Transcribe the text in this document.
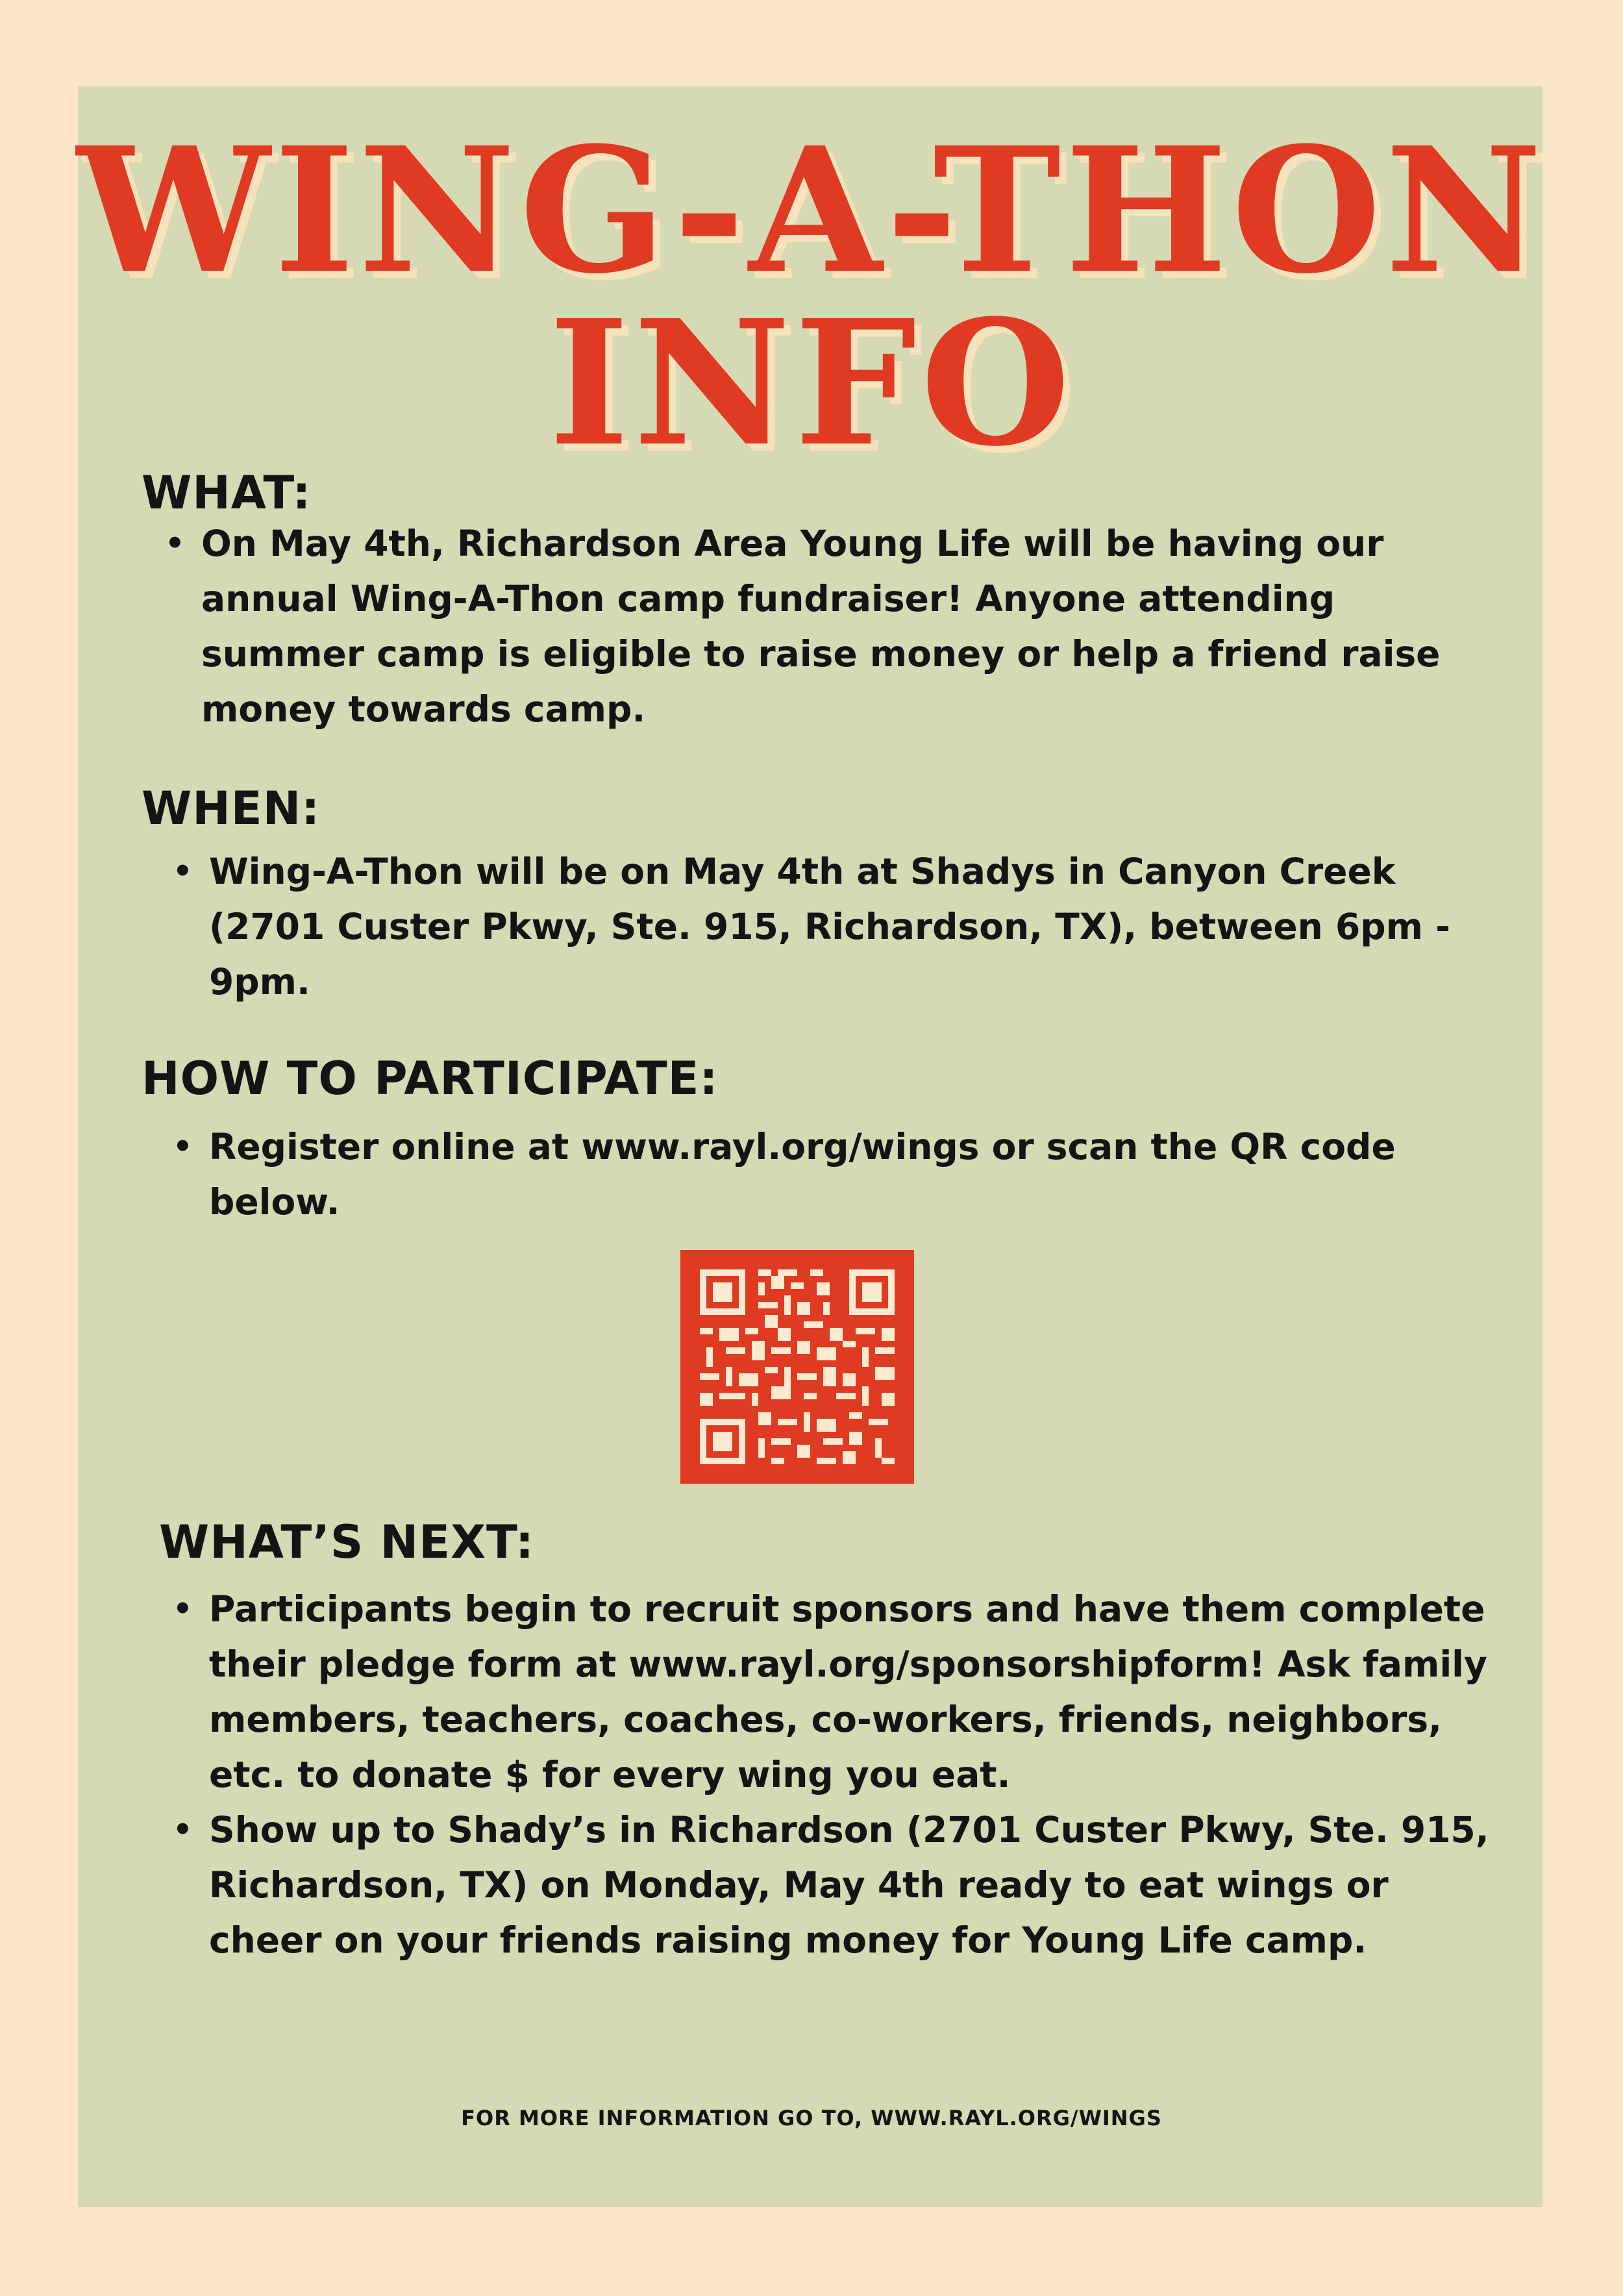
WING-A-THON
INFO
WHAT:
• On May 4th, Richardson Area Young Life will be having our annual Wing-A-Thon camp fundraiser! Anyone attending summer camp is eligible to raise money or help a friend raise money towards camp.
WHEN:
• Wing-A-Thon will be on May 4th at Shadys in Canyon Creek (2701 Custer Pkwy, Ste. 915, Richardson, TX), between 6pm - 9pm.
HOW TO PARTICIPATE:
• Register online at www.rayl.org/wings or scan the QR code below.
WHAT’S NEXT:
• Participants begin to recruit sponsors and have them complete their pledge form at www.rayl.org/sponsorshipform! Ask family members, teachers, coaches, co-workers, friends, neighbors, etc. to donate $ for every wing you eat.
• Show up to Shady’s in Richardson (2701 Custer Pkwy, Ste. 915, Richardson, TX) on Monday, May 4th ready to eat wings or cheer on your friends raising money for Young Life camp.
FOR MORE INFORMATION GO TO, WWW.RAYL.ORG/WINGS
